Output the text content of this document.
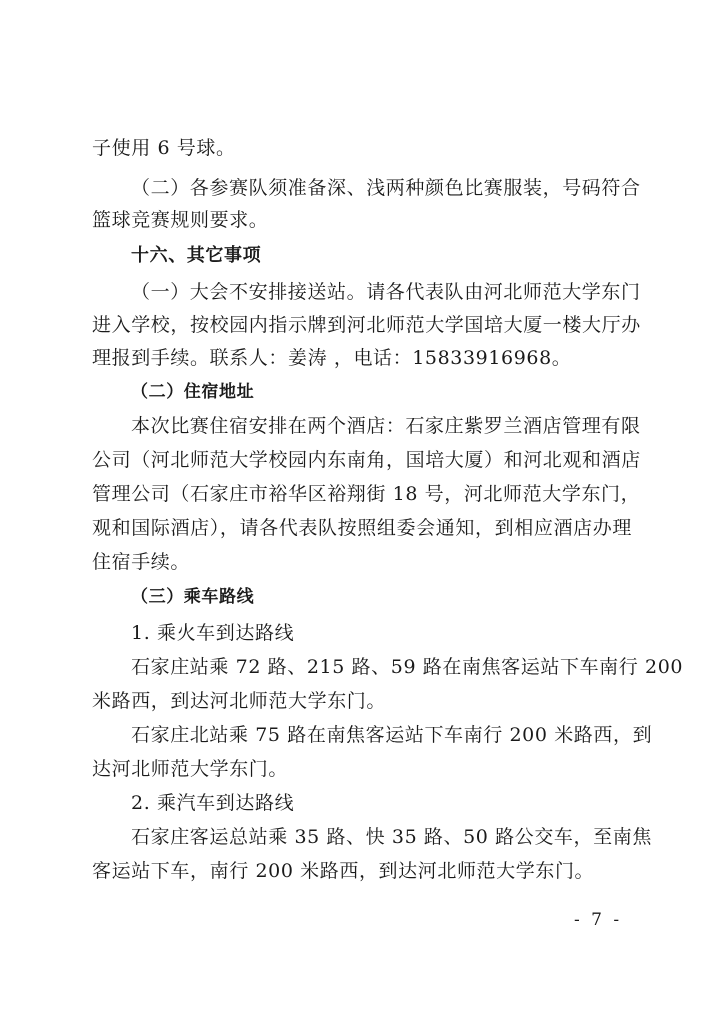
子使用 6 号球。
（二）各参赛队须准备深、浅两种颜色比赛服装，号码符合
篮球竞赛规则要求。
十六、其它事项
（一）大会不安排接送站。请各代表队由河北师范大学东门
进入学校，按校园内指示牌到河北师范大学国培大厦一楼大厅办
理报到手续。联系人：姜涛 ，电话：15833916968。
（二）住宿地址
本次比赛住宿安排在两个酒店：石家庄紫罗兰酒店管理有限
公司（河北师范大学校园内东南角，国培大厦）和河北观和酒店
管理公司（石家庄市裕华区裕翔街 18 号，河北师范大学东门，
观和国际酒店），请各代表队按照组委会通知，到相应酒店办理
住宿手续。
（三）乘车路线
1. 乘火车到达路线
石家庄站乘 72 路、215 路、59 路在南焦客运站下车南行 200
米路西，到达河北师范大学东门。
石家庄北站乘 75 路在南焦客运站下车南行 200 米路西，到
达河北师范大学东门。
2. 乘汽车到达路线
石家庄客运总站乘 35 路、快 35 路、50 路公交车，至南焦
客运站下车，南行 200 米路西，到达河北师范大学东门。
- 7 -
